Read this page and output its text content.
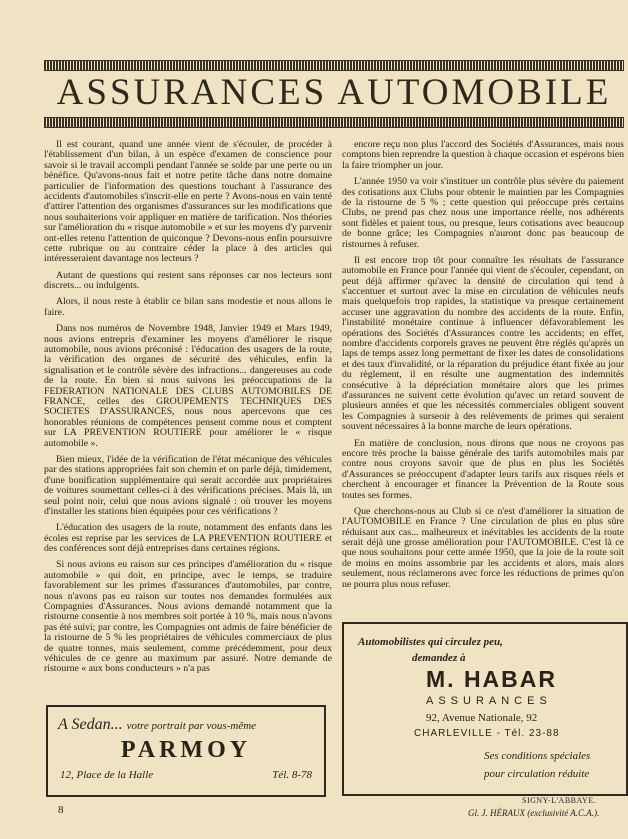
ASSURANCES AUTOMOBILE

Il est courant, quand une année vient de s'écouler, de procéder à l'établissement d'un bilan, à un espèce d'examen de conscience pour savoir si le travail accompli pendant l'année se solde par une perte ou un bénéfice. Qu'avons-nous fait et notre petite tâche dans notre domaine particulier de l'information des questions touchant à l'assurance des accidents d'automobiles s'inscrit-elle en perte ? Avons-nous en vain tenté d'attirer l'attention des organismes d'assurances sur les modifications que nous souhaiterions voir appliquer en matière de tarification. Nos théories sur l'amélioration du « risque automobile » et sur les moyens d'y parvenir ont-elles retenu l'attention de quiconque ? Devons-nous enfin poursuivre cette rubrique ou au contraire céder la place à des articles qui intéresseraient davantage nos lecteurs ?

Autant de questions qui restent sans réponses car nos lecteurs sont discrets... ou indulgents.

Alors, il nous reste à établir ce bilan sans modestie et nous allons le faire.

Dans nos numéros de Novembre 1948, Janvier 1949 et Mars 1949, nous avions entrepris d'examiner les moyens d'améliorer le risque automobile, nous avions préconisé : l'éducation des usagers de la route, la vérification des organes de sécurité des véhicules, enfin la signalisation et le contrôle sévère des infractions... dangereuses au code de la route. En bien si nous suivons les préoccupations de la FEDERATION NATIONALE DES CLUBS AUTOMOBILES DE FRANCE, celles des GROUPEMENTS TECHNIQUES DES SOCIETES D'ASSURANCES, nous nous apercevons que ces honorables réunions de compétences pensent comme nous et comptent sur LA PREVENTION ROUTIERE pour améliorer le « risque automobile ».

Bien mieux, l'idée de la vérification de l'état mécanique des véhicules par des stations appropriées fait son chemin et on parle déjà, timidement, d'une bonification supplémentaire qui serait accordée aux propriétaires de voitures soumettant celles-ci à des vérifications précises. Mais là, un seul point noir, celui que nous avions signalé : où trouver les moyens d'installer les stations bien équipées pour ces vérifications ?

L'éducation des usagers de la route, notamment des enfants dans les écoles est reprise par les services de LA PREVENTION ROUTIERE et des conférences sont déjà entreprises dans certaines régions.

Si nous avions eu raison sur ces principes d'amélioration du « risque automobile » qui doit, en principe, avec le temps, se traduire favorablement sur les primes d'assurances d'automobiles, par contre, nous n'avons pas eu raison sur toutes nos demandes formulées aux Compagnies d'Assurances. Nous avions demandé notamment que la ristourne consentie à nos membres soit portée à 10 %, mais nous n'avons pas été suivi; par contre, les Compagnies ont admis de faire bénéficier de la ristourne de 5 % les propriétaires de véhicules commerciaux de plus de quatre tonnes, mais seulement, comme précédemment, pour deux véhicules de ce genre au maximum par assuré. Notre demande de ristourne « aux bons conducteurs » n'a pas

encore reçu non plus l'accord des Sociétés d'Assurances, mais nous comptons bien reprendre la question à chaque occasion et espérons bien la faire triompher un jour.

L'année 1950 va voir s'instituer un contrôle plus sévère du paiement des cotisations aux Clubs pour obtenir le maintien par les Compagnies de la ristourne de 5 % ; cette question qui préoccupe près certains Clubs, ne prend pas chez nous une importance réelle, nos adhérents sont fidèles et paient tous, ou presque, leurs cotisations avec beaucoup de bonne grâce; les Compagnies n'auront donc pas beaucoup de ristournes à refuser.

Il est encore trop tôt pour connaître les résultats de l'assurance automobile en France pour l'année qui vient de s'écouler, cependant, on peut déjà affirmer qu'avec la densité de circulation qui tend à s'accentuer et surtout avec la mise en circulation de véhicules neufs mais quelquefois trop rapides, la statistique va presque certainement accuser une aggravation du nombre des accidents de la route. Enfin, l'instabilité monétaire continue à influencer défavorablement les opérations des Sociétés d'Assurances contre les accidents; en effet, nombre d'accidents corporels graves ne peuvent être réglés qu'après un laps de temps assez long permettant de fixer les dates de consolidations et des taux d'invalidité, or la réparation du préjudice étant fixée au jour du règlement, il en résulte une augmentation des indemnités consécutive à la dépréciation monétaire alors que les primes d'assurances ne suivent cette évolution qu'avec un retard souvent de plusieurs années et que les nécessités commerciales obligent souvent les Compagnies à surseoir à des relèvements de primes qui seraient souvent nécessaires à la bonne marche de leurs opérations.

En matière de conclusion, nous dirons que nous ne croyons pas encore très proche la baisse générale des tarifs automobiles mais par contre nous croyons savoir que de plus en plus les Sociétés d'Assurances se préoccupent d'adapter leurs tarifs aux risques réels et cherchent à encourager et financer la Prévention de la Route sous toutes ses formes.

Que cherchons-nous au Club si ce n'est d'améliorer la situation de l'AUTOMOBILE en France ? Une circulation de plus en plus sûre réduisant aux cas... malheureux et inévitables les accidents de la route serait déjà une grosse amélioration pour l'AUTOMOBILE. C'est là ce que nous souhaitons pour cette année 1950, que la joie de la route soit de moins en moins assombrie par les accidents et alors, mais alors seulement, nous réclamerons avec force les réductions de primes qu'on ne pourra plus nous refuser.

A Sedan... votre portrait par vous-même
PARMOY
12, Place de la Halle	Tél. 8-78
Automobilistes qui circulez peu,
demandez à
M. HABAR
ASSURANCES
92, Avenue Nationale, 92
CHARLEVILLE - Tél. 23-88
Ses conditions spéciales
pour circulation réduite
8
SIGNY-L'ABBAYE.
Gl. J. HÉRAUX (exclusivité A.C.A.).
